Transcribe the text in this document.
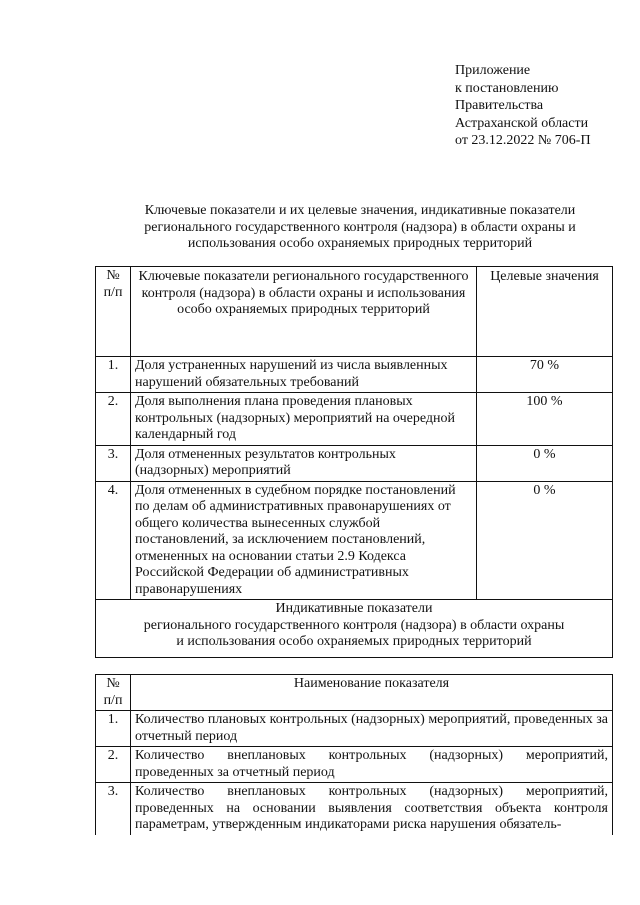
Приложение
к постановлению
Правительства
Астраханской области
от 23.12.2022 № 706-П
Ключевые показатели и их целевые значения, индикативные показатели
регионального государственного контроля (надзора) в области охраны и
использования особо охраняемых природных территорий
№ п/п	Ключевые показатели регионального государственного контроля (надзора) в области охраны и использования особо охраняемых природных территорий	Целевые значения
1.	Доля устраненных нарушений из числа выявленных нарушений обязательных требований	70 %
2.	Доля выполнения плана проведения плановых контрольных (надзорных) мероприятий на очередной календарный год	100 %
3.	Доля отмененных результатов контрольных (надзорных) мероприятий	0 %
4.	Доля отмененных в судебном порядке постановлений по делам об административных правонарушениях от общего количества вынесенных службой постановлений, за исключением постановлений, отмененных на основании статьи 2.9 Кодекса Российской Федерации об административных правонарушениях	0 %

Индикативные показатели
регионального государственного контроля (надзора) в области охраны
и использования особо охраняемых природных территорий		
№ п/п	Наименование показателя
1.	Количество плановых контрольных (надзорных) мероприятий, проведенных за отчетный период
2.	Количество внеплановых контрольных (надзорных) мероприятий, проведенных за отчетный период
3.	Количество внеплановых контрольных (надзорных) мероприятий, проведенных на основании выявления соответствия объекта контроля параметрам, утвержденным индикаторами риска нарушения обязатель-
